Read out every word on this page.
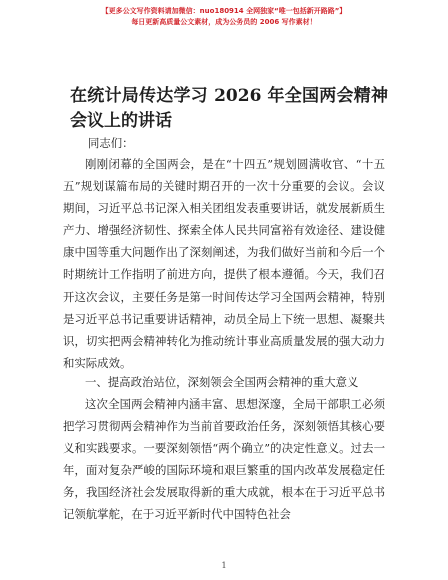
【更多公文写作资料请加微信：nuo180914 全网独家“唯一包括新开路路”】
每日更新高质量公文素材，成为公务员的 2006 写作素材！
在统计局传达学习 2026 年全国两会精神会议上的讲话
同志们：

刚刚闭幕的全国两会，是在“十四五”规划圆满收官、“十五五”规划谋篇布局的关键时期召开的一次十分重要的会议。会议期间，习近平总书记深入相关团组发表重要讲话，就发展新质生产力、增强经济韧性、探索全体人民共同富裕有效途径、建设健康中国等重大问题作出了深刻阐述，为我们做好当前和今后一个时期统计工作指明了前进方向，提供了根本遵循。今天，我们召开这次会议，主要任务是第一时间传达学习全国两会精神，特别是习近平总书记重要讲话精神，动员全局上下统一思想、凝聚共识，切实把两会精神转化为推动统计事业高质量发展的强大动力和实际成效。

一、提高政治站位，深刻领会全国两会精神的重大意义

这次全国两会精神内涵丰富、思想深邃，全局干部职工必须把学习贯彻两会精神作为当前首要政治任务，深刻领悟其核心要义和实践要求。一要深刻领悟“两个确立”的决定性意义。过去一年，面对复杂严峻的国际环境和艰巨繁重的国内改革发展稳定任务，我国经济社会发展取得新的重大成就，根本在于习近平总书记领航掌舵，在于习近平新时代中国特色社会

1
